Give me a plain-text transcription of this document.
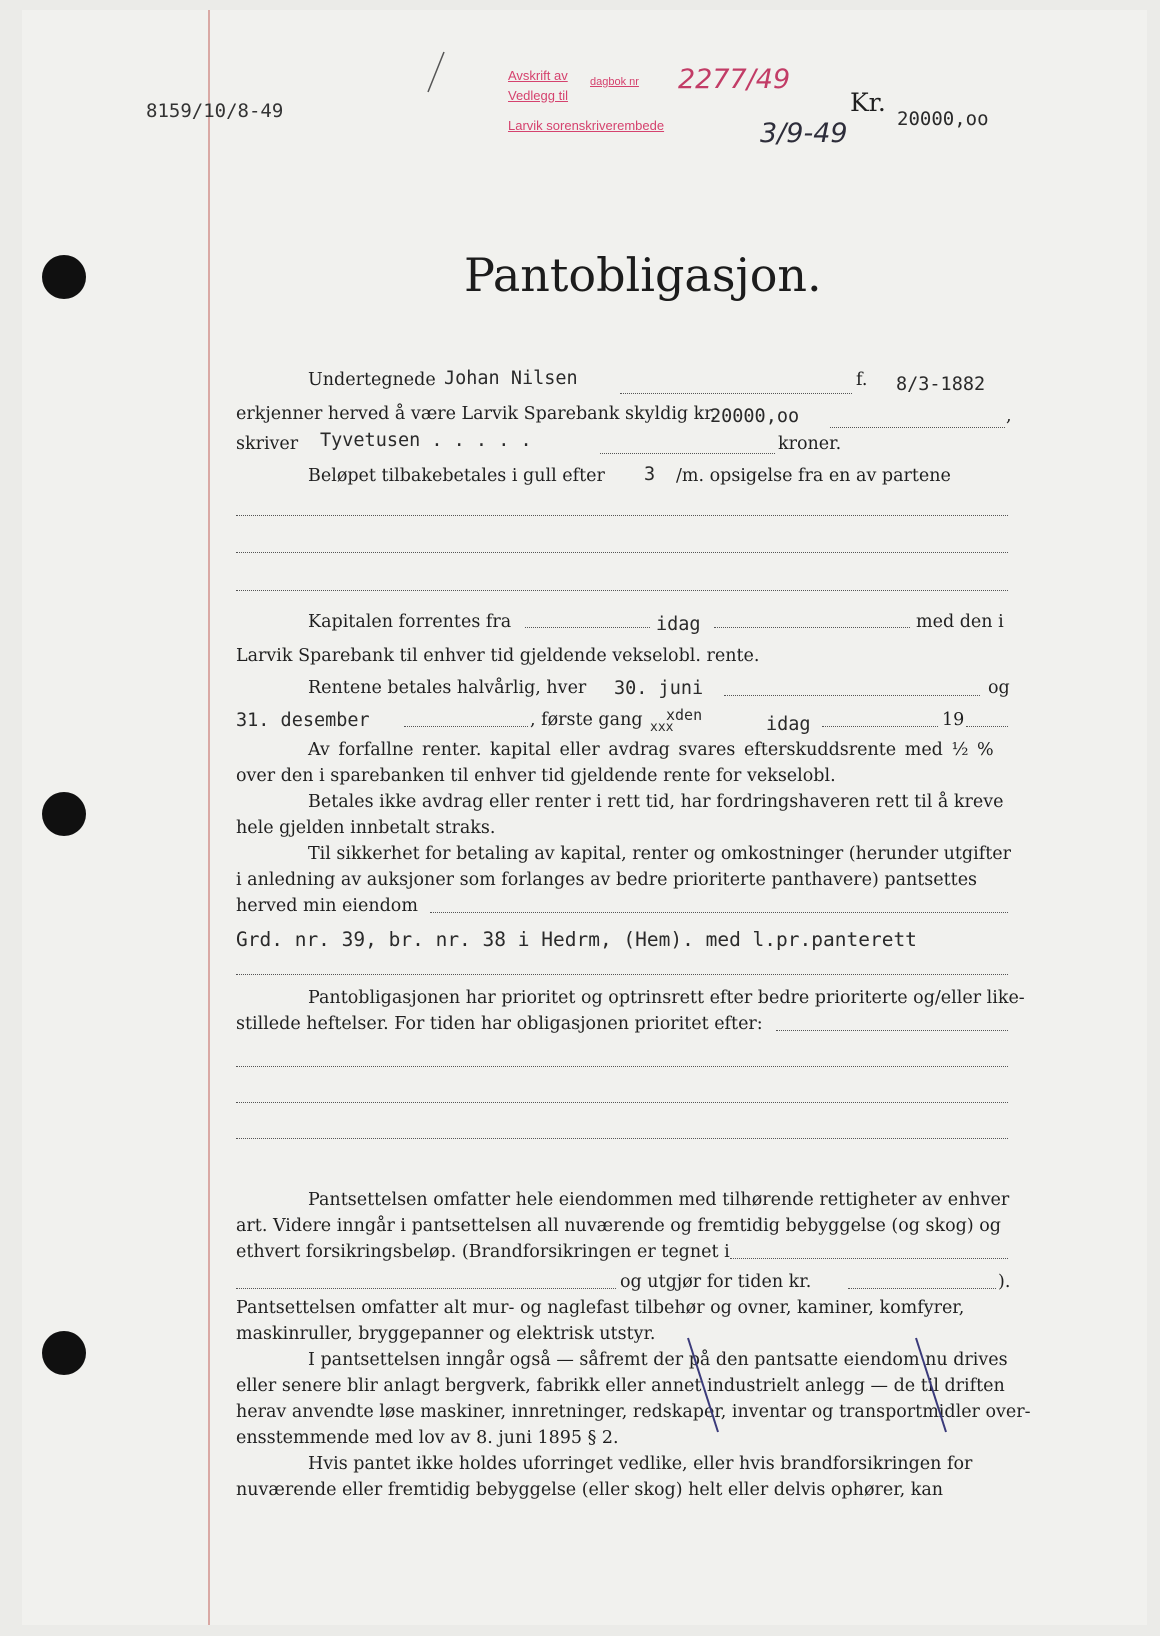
8159/10/8-49
Avskrift av dagbok nr
Vedlegg til
Larvik sorenskriverembede
2277/49
3/9-49
Kr.
20000,oo
Pantobligasjon.
Undertegnede Johan Nilsen	f. 8/3-1882
erkjenner herved å være Larvik Sparebank skyldig kr.
20000,oo	,
skriver Tyvetusen . . . . .	kroner.
Beløpet tilbakebetales i gull efter 3 /m. opsigelse fra en av partene
Kapitalen forrentes fra	idag	med den i
Larvik Sparebank til enhver tid gjeldende vekselobl. rente.
Rentene betales halvårlig, hver 30. juni	og
31. desember	, første gang xden
xxx	idag	19
Av forfallne renter. kapital eller avdrag svares efterskuddsrente med ½ %
over den i sparebanken til enhver tid gjeldende rente for vekselobl.
Betales ikke avdrag eller renter i rett tid, har fordringshaveren rett til å kreve
hele gjelden innbetalt straks.
Til sikkerhet for betaling av kapital, renter og omkostninger (herunder utgifter
i anledning av auksjoner som forlanges av bedre prioriterte panthavere) pantsettes
herved min eiendom
Grd. nr. 39, br. nr. 38 i Hedrm, (Hem). med l.pr.panterett
Pantobligasjonen har prioritet og optrinsrett efter bedre prioriterte og/eller like-
stillede heftelser. For tiden har obligasjonen prioritet efter:
Pantsettelsen omfatter hele eiendommen med tilhørende rettigheter av enhver
art. Videre inngår i pantsettelsen all nuværende og fremtidig bebyggelse (og skog) og
ethvert forsikringsbeløp. (Brandforsikringen er tegnet i
og utgjør for tiden kr.	).
Pantsettelsen omfatter alt mur- og naglefast tilbehør og ovner, kaminer, komfyrer,
maskinruller, bryggepanner og elektrisk utstyr.
I pantsettelsen inngår også — såfremt der på den pantsatte eiendom nu drives
eller senere blir anlagt bergverk, fabrikk eller annet industrielt anlegg — de til driften
herav anvendte løse maskiner, innretninger, redskaper, inventar og transportmidler over-
ensstemmende med lov av 8. juni 1895 § 2.
Hvis pantet ikke holdes uforringet vedlike, eller hvis brandforsikringen for
nuværende eller fremtidig bebyggelse (eller skog) helt eller delvis ophører, kan
